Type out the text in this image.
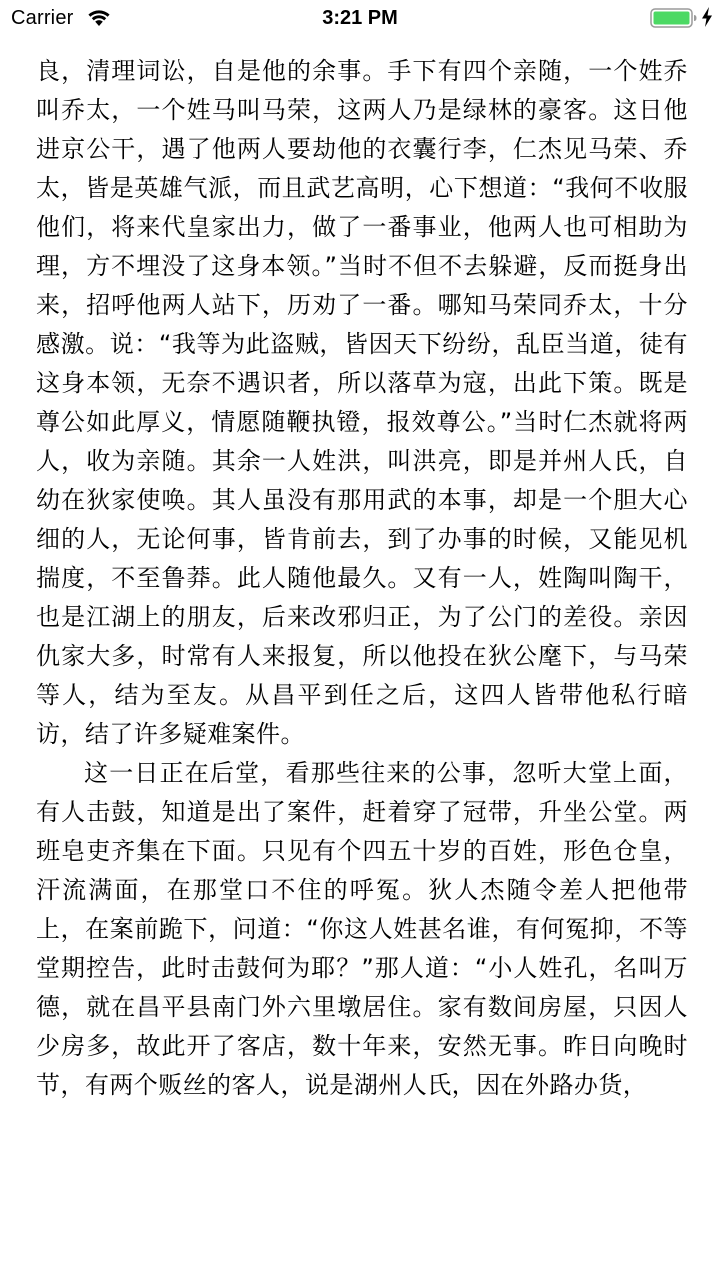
Carrier	3:21 PM

良，清理词讼，自是他的余事。手下有四个亲随，一个姓乔叫乔太，一个姓马叫马荣，这两人乃是绿林的豪客。这日他进京公干，遇了他两人要劫他的衣囊行李，仁杰见马荣、乔太，皆是英雄气派，而且武艺高明，心下想道：“我何不收服他们，将来代皇家出力，做了一番事业，他两人也可相助为理，方不埋没了这身本领。”当时不但不去躲避，反而挺身出来，招呼他两人站下，历劝了一番。哪知马荣同乔太，十分感激。说：“我等为此盗贼，皆因天下纷纷，乱臣当道，徒有这身本领，无奈不遇识者，所以落草为寇，出此下策。既是尊公如此厚义，情愿随鞭执镫，报效尊公。”当时仁杰就将两人，收为亲随。其余一人姓洪，叫洪亮，即是并州人氏，自幼在狄家使唤。其人虽没有那用武的本事，却是一个胆大心细的人，无论何事，皆肯前去，到了办事的时候，又能见机揣度，不至鲁莽。此人随他最久。又有一人，姓陶叫陶干，也是江湖上的朋友，后来改邪归正，为了公门的差役。亲因仇家大多，时常有人来报复，所以他投在狄公麾下，与马荣等人，结为至友。从昌平到任之后，这四人皆带他私行暗访，结了许多疑难案件。

这一日正在后堂，看那些往来的公事，忽听大堂上面，有人击鼓，知道是出了案件，赶着穿了冠带，升坐公堂。两班皂吏齐集在下面。只见有个四五十岁的百姓，形色仓皇，汗流满面，在那堂口不住的呼冤。狄人杰随令差人把他带上，在案前跪下，问道：“你这人姓甚名谁，有何冤抑，不等堂期控告，此时击鼓何为耶？”那人道：“小人姓孔，名叫万德，就在昌平县南门外六里墩居住。家有数间房屋，只因人少房多，故此开了客店，数十年来，安然无事。昨日向晚时节，有两个贩丝的客人，说是湖州人氏，因在外路办货，
